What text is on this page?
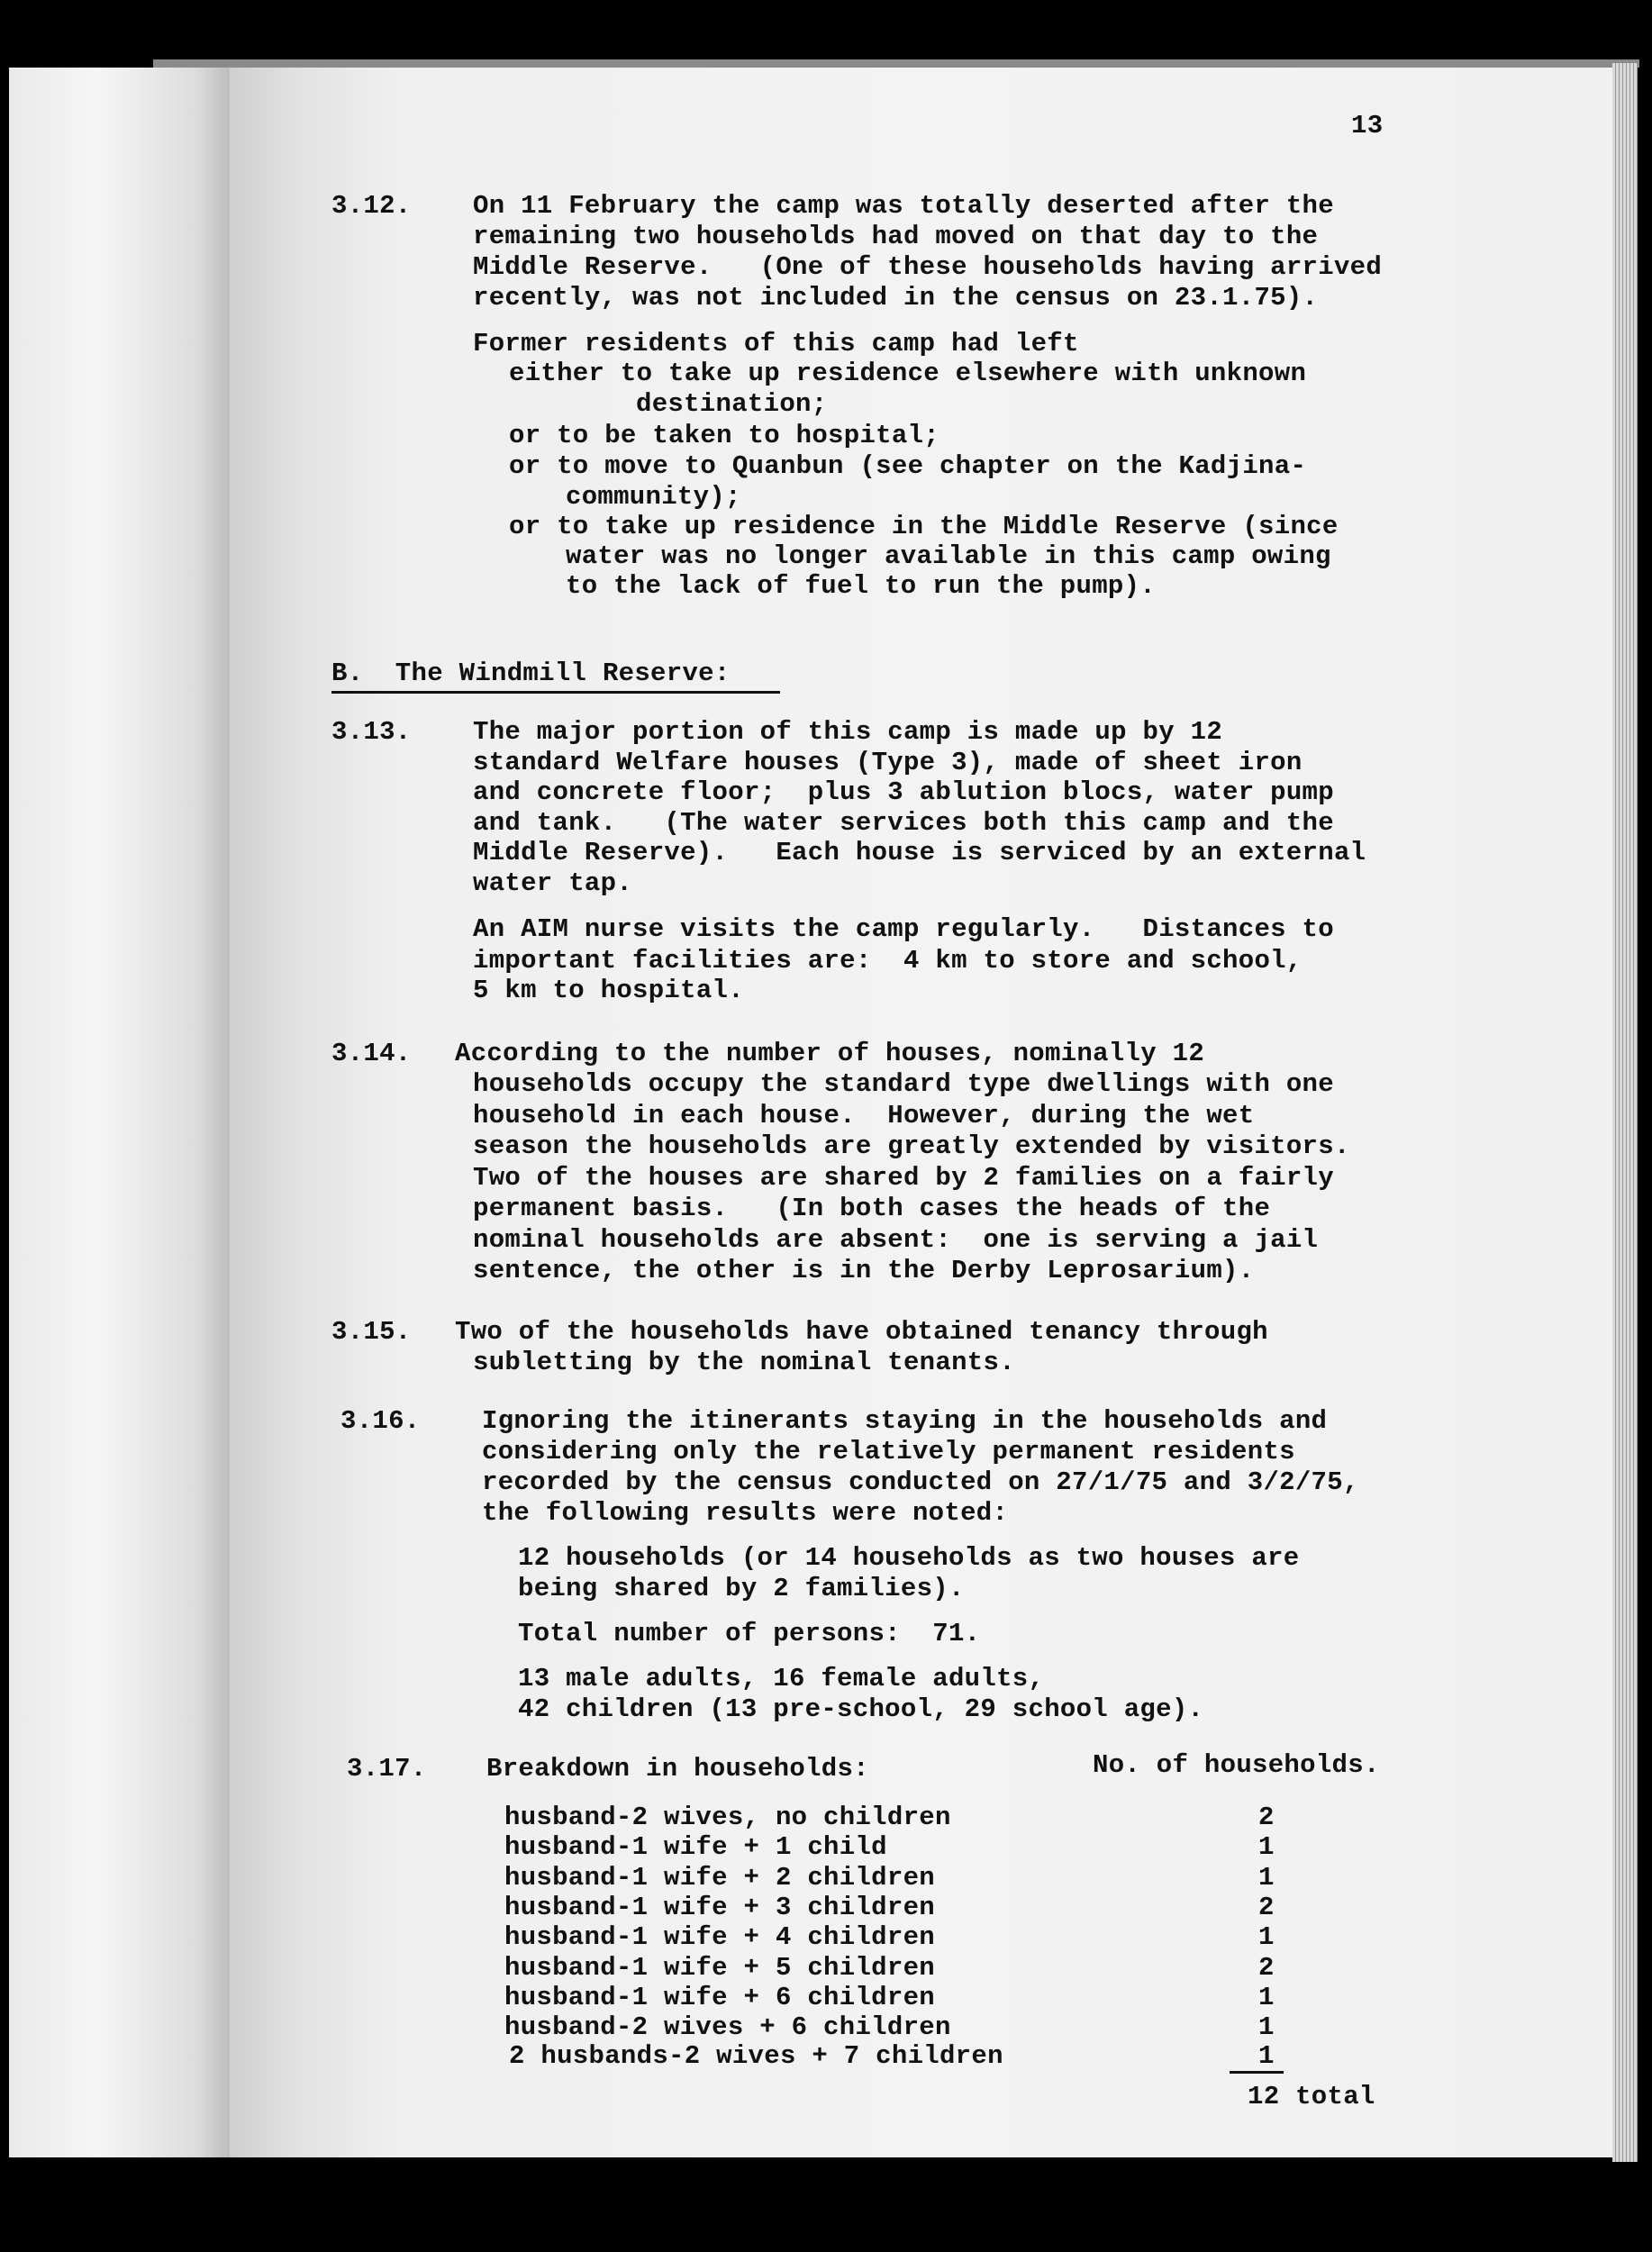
13
3.12. On 11 February the camp was totally deserted after the
remaining two households had moved on that day to the
Middle Reserve.   (One of these households having arrived
recently, was not included in the census on 23.1.75).
Former residents of this camp had left
either to take up residence elsewhere with unknown
destination;
or to be taken to hospital;
or to move to Quanbun (see chapter on the Kadjina-
community);
or to take up residence in the Middle Reserve (since
water was no longer available in this camp owing
to the lack of fuel to run the pump).
B.  The Windmill Reserve:
3.13. The major portion of this camp is made up by 12
standard Welfare houses (Type 3), made of sheet iron
and concrete floor;  plus 3 ablution blocs, water pump
and tank.   (The water services both this camp and the
Middle Reserve).   Each house is serviced by an external
water tap.
An AIM nurse visits the camp regularly.   Distances to
important facilities are:  4 km to store and school,
5 km to hospital.
3.14. According to the number of houses, nominally 12
households occupy the standard type dwellings with one
household in each house.  However, during the wet
season the households are greatly extended by visitors.
Two of the houses are shared by 2 families on a fairly
permanent basis.   (In both cases the heads of the
nominal households are absent:  one is serving a jail
sentence, the other is in the Derby Leprosarium).
3.15. Two of the households have obtained tenancy through
subletting by the nominal tenants.
3.16. Ignoring the itinerants staying in the households and
considering only the relatively permanent residents
recorded by the census conducted on 27/1/75 and 3/2/75,
the following results were noted:
12 households (or 14 households as two houses are
being shared by 2 families).
Total number of persons:  71.
13 male adults, 16 female adults,
42 children (13 pre-school, 29 school age).
3.17. Breakdown in households:	No. of households.
husband-2 wives, no children	2
husband-1 wife + 1 child	1
husband-1 wife + 2 children	1
husband-1 wife + 3 children	2
husband-1 wife + 4 children	1
husband-1 wife + 5 children	2
husband-1 wife + 6 children	1
husband-2 wives + 6 children	1
2 husbands-2 wives + 7 children	1
12 total
